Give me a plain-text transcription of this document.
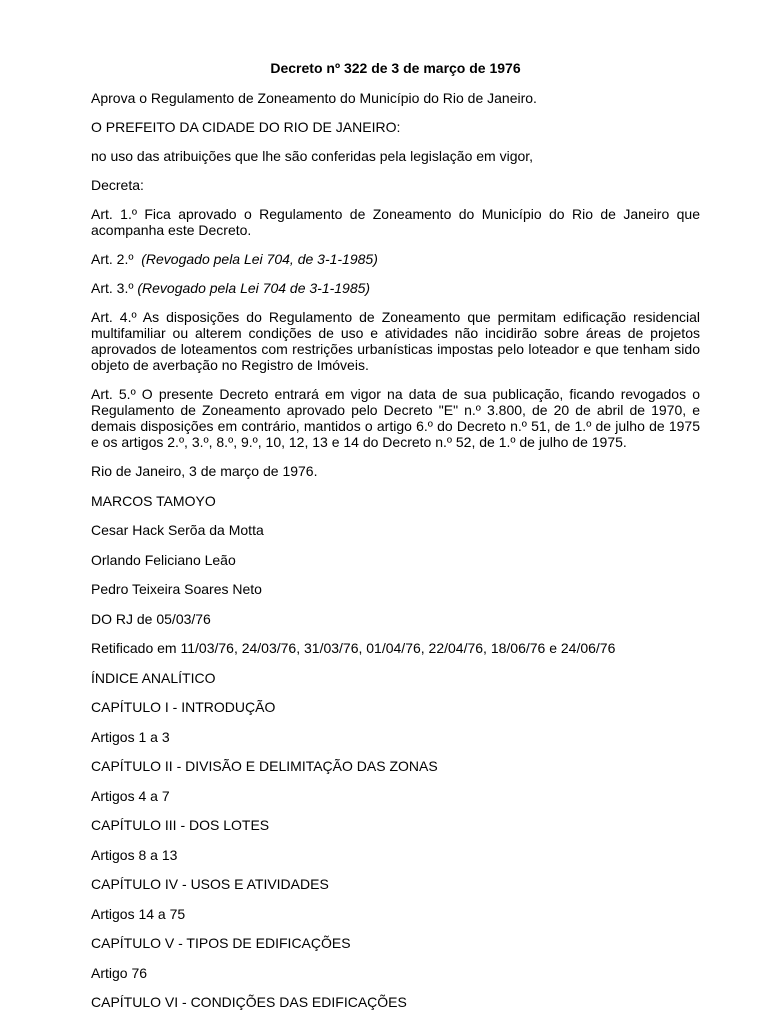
Decreto nº 322 de 3 de março de 1976

Aprova o Regulamento de Zoneamento do Município do Rio de Janeiro.

O PREFEITO DA CIDADE DO RIO DE JANEIRO:

no uso das atribuições que lhe são conferidas pela legislação em vigor,

Decreta:

Art. 1.º Fica aprovado o Regulamento de Zoneamento do Município do Rio de Janeiro que acompanha este Decreto.

Art. 2.º (Revogado pela Lei 704, de 3-1-1985)

Art. 3.º (Revogado pela Lei 704 de 3-1-1985)

Art. 4.º As disposições do Regulamento de Zoneamento que permitam edificação residencial multifamiliar ou alterem condições de uso e atividades não incidirão sobre áreas de projetos aprovados de loteamentos com restrições urbanísticas impostas pelo loteador e que tenham sido objeto de averbação no Registro de Imóveis.

Art. 5.º O presente Decreto entrará em vigor na data de sua publicação, ficando revogados o Regulamento de Zoneamento aprovado pelo Decreto "E" n.º 3.800, de 20 de abril de 1970, e demais disposições em contrário, mantidos o artigo 6.º do Decreto n.º 51, de 1.º de julho de 1975 e os artigos 2.º, 3.º, 8.º, 9.º, 10, 12, 13 e 14 do Decreto n.º 52, de 1.º de julho de 1975.

Rio de Janeiro, 3 de março de 1976.

MARCOS TAMOYO

Cesar Hack Serõa da Motta

Orlando Feliciano Leão

Pedro Teixeira Soares Neto

DO RJ de 05/03/76

Retificado em 11/03/76, 24/03/76, 31/03/76, 01/04/76, 22/04/76, 18/06/76 e 24/06/76

ÍNDICE ANALÍTICO

CAPÍTULO I - INTRODUÇÃO

Artigos 1 a 3

CAPÍTULO II - DIVISÃO E DELIMITAÇÃO DAS ZONAS

Artigos 4 a 7

CAPÍTULO III - DOS LOTES

Artigos 8 a 13

CAPÍTULO IV - USOS E ATIVIDADES

Artigos 14 a 75

CAPÍTULO V - TIPOS DE EDIFICAÇÕES

Artigo 76

CAPÍTULO VI - CONDIÇÕES DAS EDIFICAÇÕES
